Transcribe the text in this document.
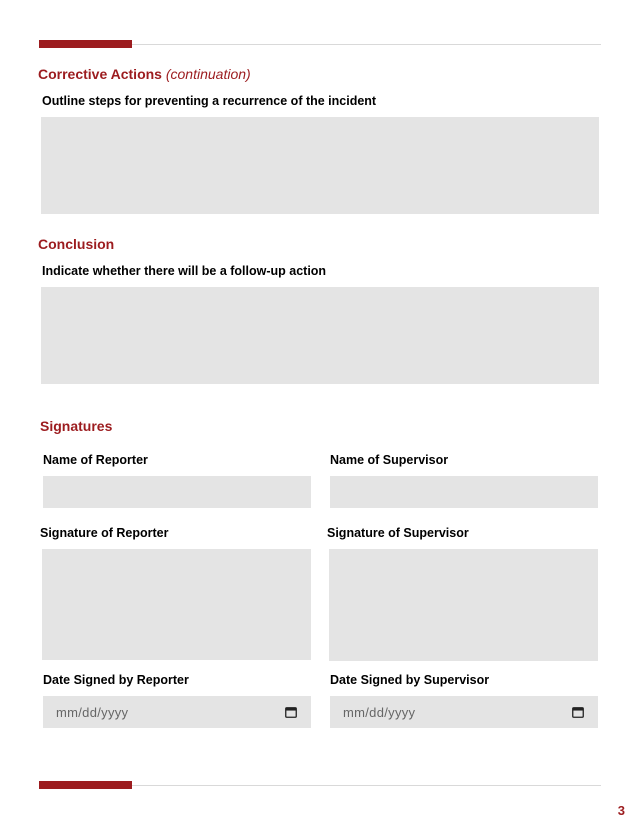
Corrective Actions (continuation)

Outline steps for preventing a recurrence of the incident

Conclusion

Indicate whether there will be a follow-up action

Signatures

Name of Reporter	Name of Supervisor

Signature of Reporter	Signature of Supervisor

Date Signed by Reporter	Date Signed by Supervisor

mm/dd/yyyy	mm/dd/yyyy
3
